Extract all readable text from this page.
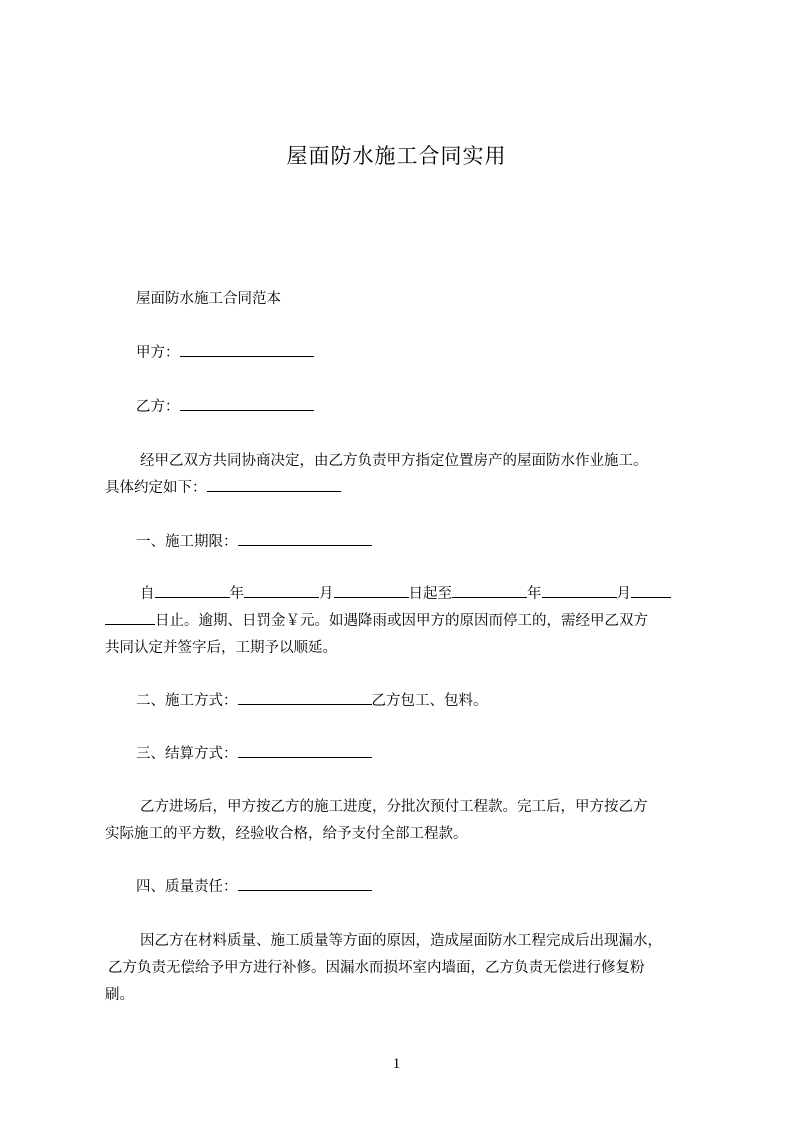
屋面防水施工合同实用
屋面防水施工合同范本
甲方：
乙方：
经甲乙双方共同协商决定，由乙方负责甲方指定位置房产的屋面防水作业施工。
具体约定如下：
一、施工期限：
自	年	月	日起至	年	月
日止。逾期、日罚金￥元。如遇降雨或因甲方的原因而停工的，需经甲乙双方
共同认定并签字后，工期予以顺延。
二、施工方式：	乙方包工、包料。
三、结算方式：
乙方进场后，甲方按乙方的施工进度，分批次预付工程款。完工后，甲方按乙方
实际施工的平方数，经验收合格，给予支付全部工程款。
四、质量责任：
因乙方在材料质量、施工质量等方面的原因，造成屋面防水工程完成后出现漏水，
乙方负责无偿给予甲方进行补修。因漏水而损坏室内墙面，乙方负责无偿进行修复粉
刷。
1
